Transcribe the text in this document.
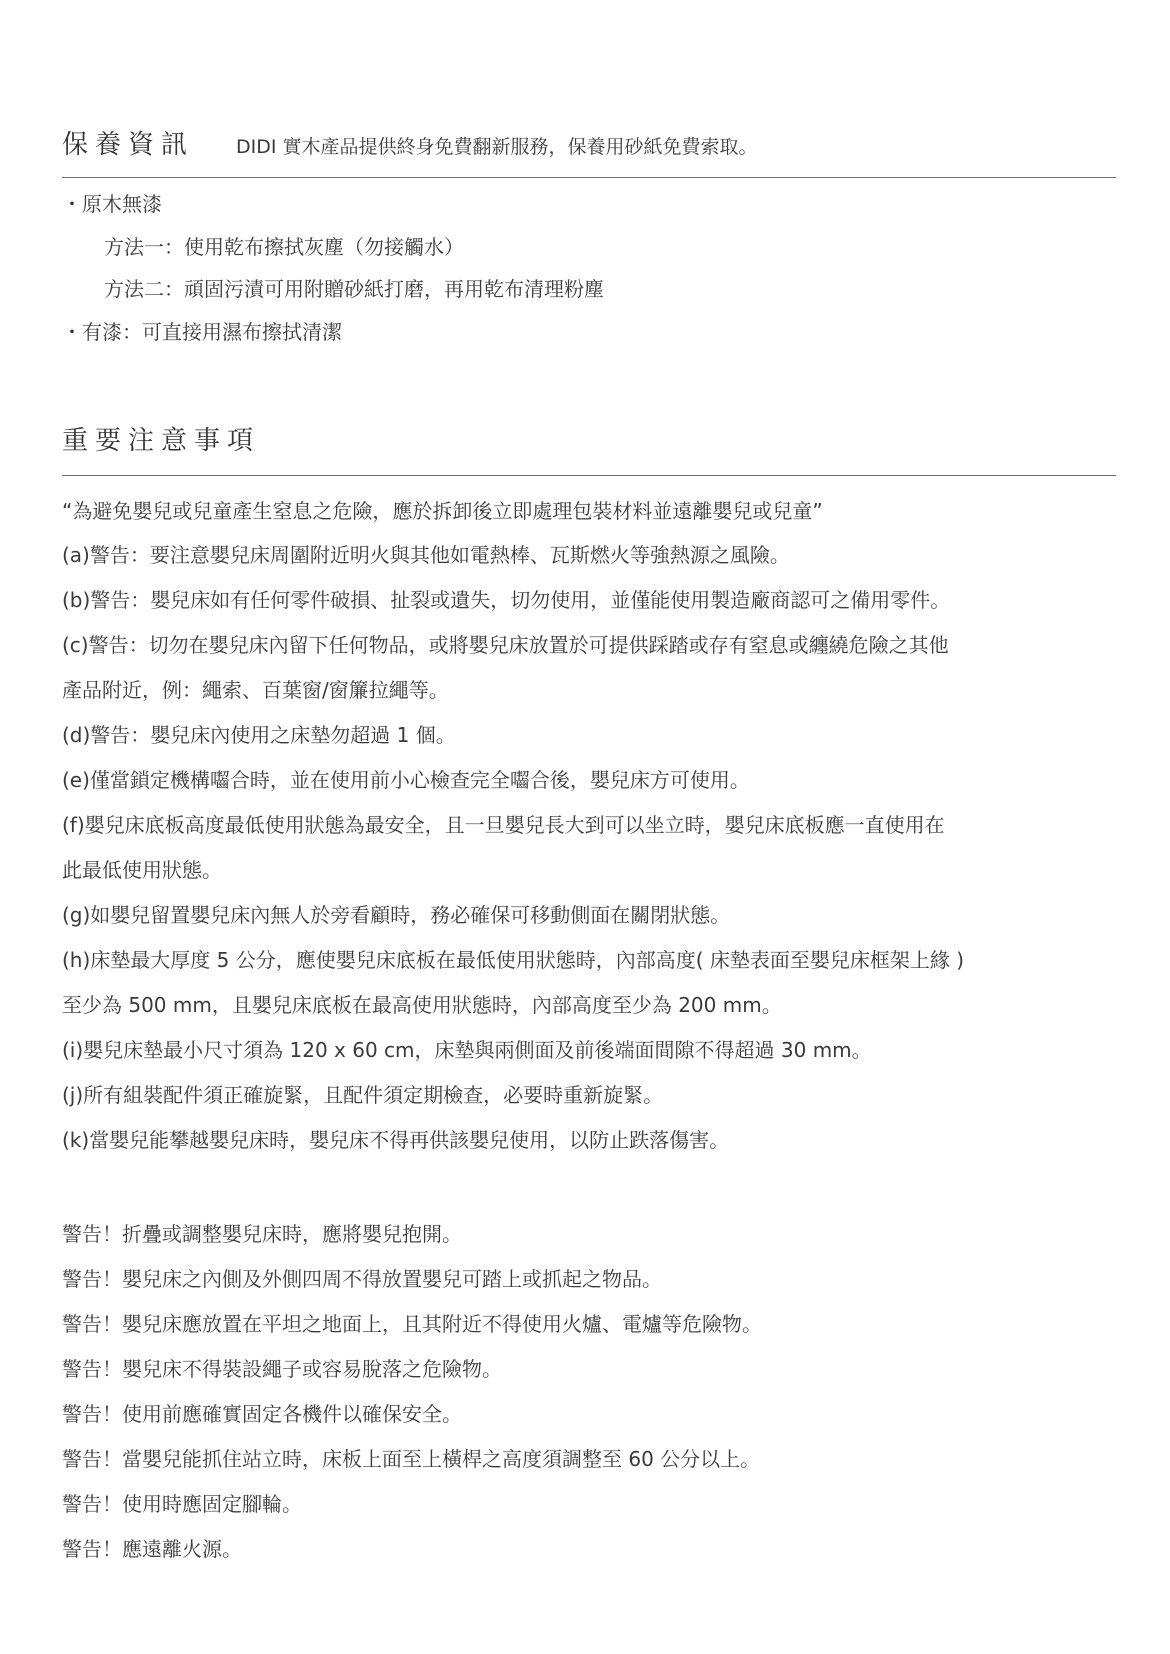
保養資訊 DIDI 實木產品提供終身免費翻新服務，保養用砂紙免費索取。
・原木無漆
方法一：使用乾布擦拭灰塵（勿接觸水）
方法二：頑固污漬可用附贈砂紙打磨，再用乾布清理粉塵
・有漆：可直接用濕布擦拭清潔
重要注意事項
“為避免嬰兒或兒童產生窒息之危險，應於拆卸後立即處理包裝材料並遠離嬰兒或兒童”
(a)警告：要注意嬰兒床周圍附近明火與其他如電熱棒、瓦斯燃火等強熱源之風險。
(b)警告：嬰兒床如有任何零件破損、扯裂或遺失，切勿使用，並僅能使用製造廠商認可之備用零件。
(c)警告：切勿在嬰兒床內留下任何物品，或將嬰兒床放置於可提供踩踏或存有窒息或纏繞危險之其他
產品附近，例：繩索、百葉窗/窗簾拉繩等。
(d)警告：嬰兒床內使用之床墊勿超過 1 個。
(e)僅當鎖定機構囓合時，並在使用前小心檢查完全囓合後，嬰兒床方可使用。
(f)嬰兒床底板高度最低使用狀態為最安全，且一旦嬰兒長大到可以坐立時，嬰兒床底板應一直使用在
此最低使用狀態。
(g)如嬰兒留置嬰兒床內無人於旁看顧時，務必確保可移動側面在關閉狀態。
(h)床墊最大厚度 5 公分，應使嬰兒床底板在最低使用狀態時，內部高度( 床墊表面至嬰兒床框架上緣 )
至少為 500 mm，且嬰兒床底板在最高使用狀態時，內部高度至少為 200 mm。
(i)嬰兒床墊最小尺寸須為 120 x 60 cm，床墊與兩側面及前後端面間隙不得超過 30 mm。
(j)所有組裝配件須正確旋緊，且配件須定期檢查，必要時重新旋緊。
(k)當嬰兒能攀越嬰兒床時，嬰兒床不得再供該嬰兒使用，以防止跌落傷害。
警告！折疊或調整嬰兒床時，應將嬰兒抱開。
警告！嬰兒床之內側及外側四周不得放置嬰兒可踏上或抓起之物品。
警告！嬰兒床應放置在平坦之地面上，且其附近不得使用火爐、電爐等危險物。
警告！嬰兒床不得裝設繩子或容易脫落之危險物。
警告！使用前應確實固定各機件以確保安全。
警告！當嬰兒能抓住站立時，床板上面至上橫桿之高度須調整至 60 公分以上。
警告！使用時應固定腳輪。
警告！應遠離火源。
